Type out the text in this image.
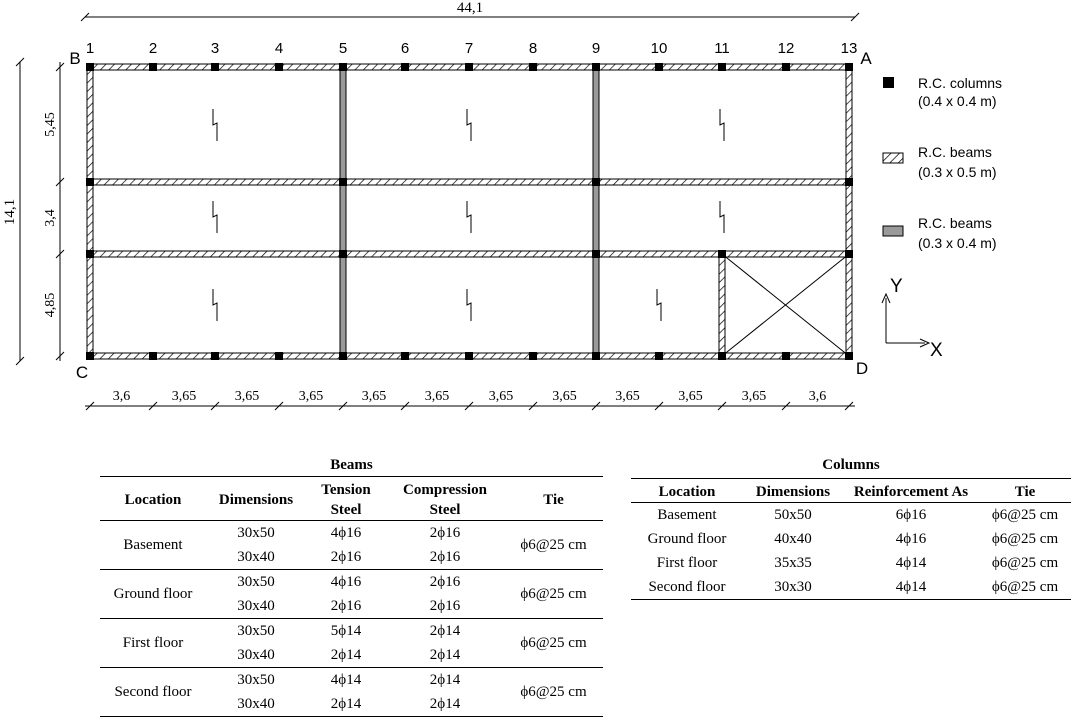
44,1
3,6	3,65	3,65	3,65	3,65	3,65	3,65	3,65	3,65	3,65	3,65	3,6
14,1
5,45
3,4
4,85
1	2	3	4	5	6	7	8	9	10	11	12	13
B	A
C	D
Y
X
R.C. columns
(0.4 x 0.4 m)
R.C. beams
(0.3 x 0.5 m)
R.C. beams
(0.3 x 0.4 m)
Beams
Location	Dimensions	Tension Steel	Compression Steel	Tie
Basement	30x50	4ϕ16	2ϕ16	ϕ6@25 cm
	30x40	2ϕ16	2ϕ16	
Ground floor	30x50	4ϕ16	2ϕ16	ϕ6@25 cm
	30x40	2ϕ16	2ϕ16	
First floor	30x50	5ϕ14	2ϕ14	ϕ6@25 cm
	30x40	2ϕ14	2ϕ14	
Second floor	30x50	4ϕ14	2ϕ14	ϕ6@25 cm
	30x40	2ϕ14	2ϕ14	
Columns
Location	Dimensions	Reinforcement As	Tie
Basement	50x50	6ϕ16	ϕ6@25 cm
Ground floor	40x40	4ϕ16	ϕ6@25 cm
First floor	35x35	4ϕ14	ϕ6@25 cm
Second floor	30x30	4ϕ14	ϕ6@25 cm
